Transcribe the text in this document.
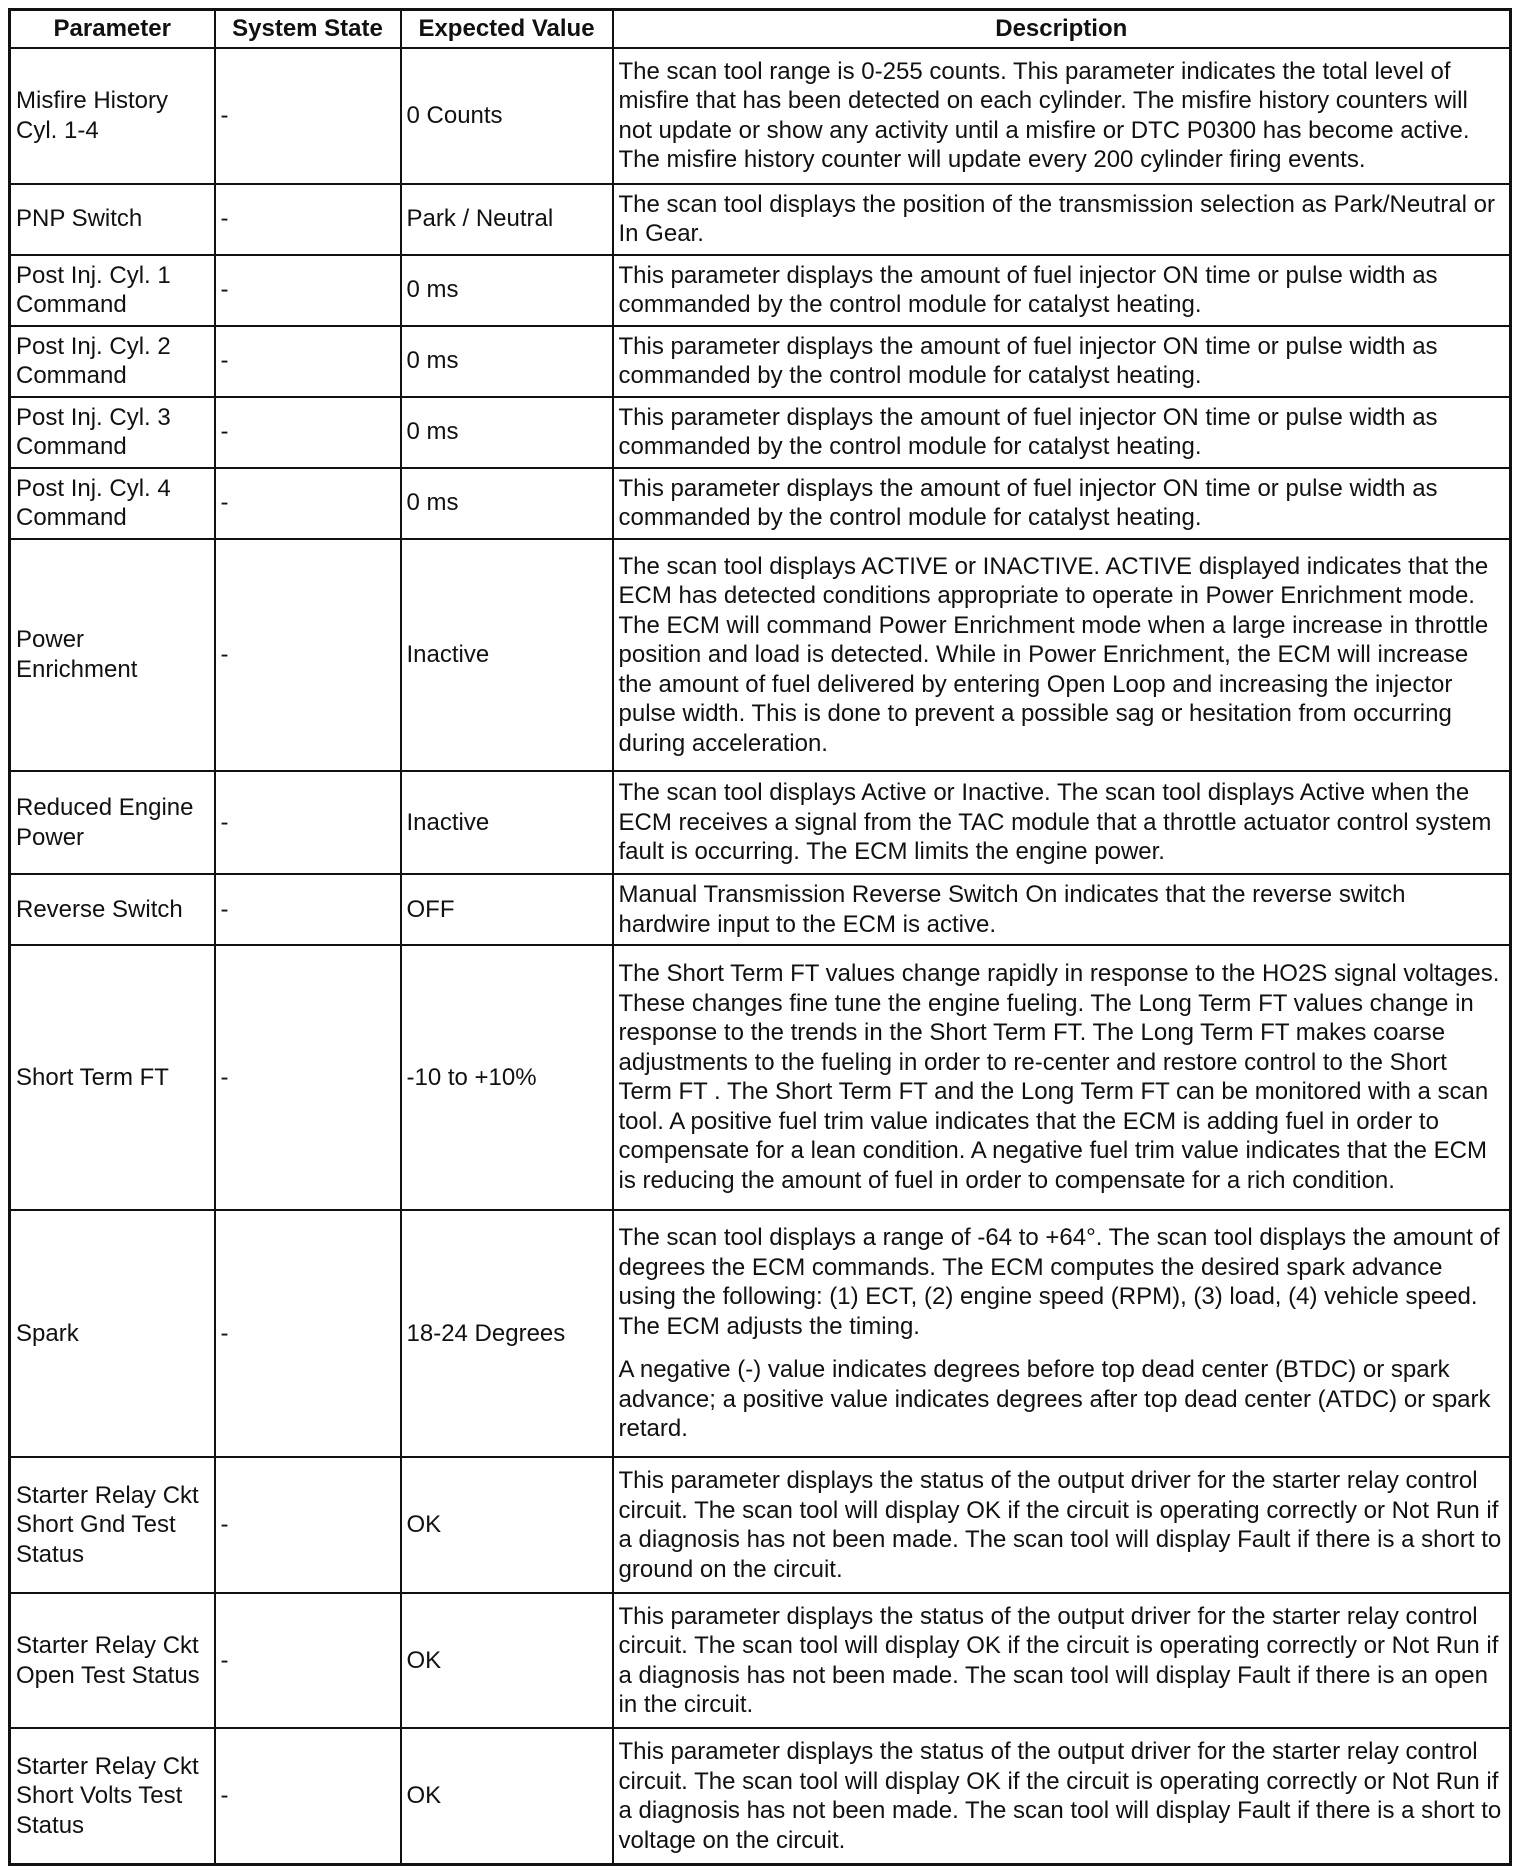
Parameter	System State	Expected Value	Description
Misfire History Cyl. 1-4	-	0 Counts	The scan tool range is 0-255 counts. This parameter indicates the total level of misfire that has been detected on each cylinder. The misfire history counters will not update or show any activity until a misfire or DTC P0300 has become active. The misfire history counter will update every 200 cylinder firing events.

PNP Switch	-	Park / Neutral	The scan tool displays the position of the transmission selection as Park/Neutral or In Gear.

Post Inj. Cyl. 1 Command	-	0 ms	This parameter displays the amount of fuel injector ON time or pulse width as commanded by the control module for catalyst heating.

Post Inj. Cyl. 2 Command	-	0 ms	This parameter displays the amount of fuel injector ON time or pulse width as commanded by the control module for catalyst heating.

Post Inj. Cyl. 3 Command	-	0 ms	This parameter displays the amount of fuel injector ON time or pulse width as commanded by the control module for catalyst heating.

Post Inj. Cyl. 4 Command	-	0 ms	This parameter displays the amount of fuel injector ON time or pulse width as commanded by the control module for catalyst heating.

Power Enrichment	-	Inactive	The scan tool displays ACTIVE or INACTIVE. ACTIVE displayed indicates that the ECM has detected conditions appropriate to operate in Power Enrichment mode. The ECM will command Power Enrichment mode when a large increase in throttle position and load is detected. While in Power Enrichment, the ECM will increase the amount of fuel delivered by entering Open Loop and increasing the injector pulse width. This is done to prevent a possible sag or hesitation from occurring during acceleration.

Reduced Engine Power	-	Inactive	The scan tool displays Active or Inactive. The scan tool displays Active when the ECM receives a signal from the TAC module that a throttle actuator control system fault is occurring. The ECM limits the engine power.

Reverse Switch	-	OFF	Manual Transmission Reverse Switch On indicates that the reverse switch hardwire input to the ECM is active.

Short Term FT	-	-10 to +10%	The Short Term FT values change rapidly in response to the HO2S signal voltages. These changes fine tune the engine fueling. The Long Term FT values change in response to the trends in the Short Term FT. The Long Term FT makes coarse adjustments to the fueling in order to re-center and restore control to the Short Term FT . The Short Term FT and the Long Term FT can be monitored with a scan tool. A positive fuel trim value indicates that the ECM is adding fuel in order to compensate for a lean condition. A negative fuel trim value indicates that the ECM is reducing the amount of fuel in order to compensate for a rich condition.

Spark	-	18-24 Degrees	The scan tool displays a range of -64 to +64°. The scan tool displays the amount of degrees the ECM commands. The ECM computes the desired spark advance using the following: (1) ECT, (2) engine speed (RPM), (3) load, (4) vehicle speed. The ECM adjusts the timing.

A negative (-) value indicates degrees before top dead center (BTDC) or spark advance; a positive value indicates degrees after top dead center (ATDC) or spark retard.

Starter Relay Ckt Short Gnd Test Status	-	OK	This parameter displays the status of the output driver for the starter relay control circuit. The scan tool will display OK if the circuit is operating correctly or Not Run if a diagnosis has not been made. The scan tool will display Fault if there is a short to ground on the circuit.

Starter Relay Ckt Open Test Status	-	OK	This parameter displays the status of the output driver for the starter relay control circuit. The scan tool will display OK if the circuit is operating correctly or Not Run if a diagnosis has not been made. The scan tool will display Fault if there is an open in the circuit.

Starter Relay Ckt Short Volts Test Status	-	OK	This parameter displays the status of the output driver for the starter relay control circuit. The scan tool will display OK if the circuit is operating correctly or Not Run if a diagnosis has not been made. The scan tool will display Fault if there is a short to voltage on the circuit.
